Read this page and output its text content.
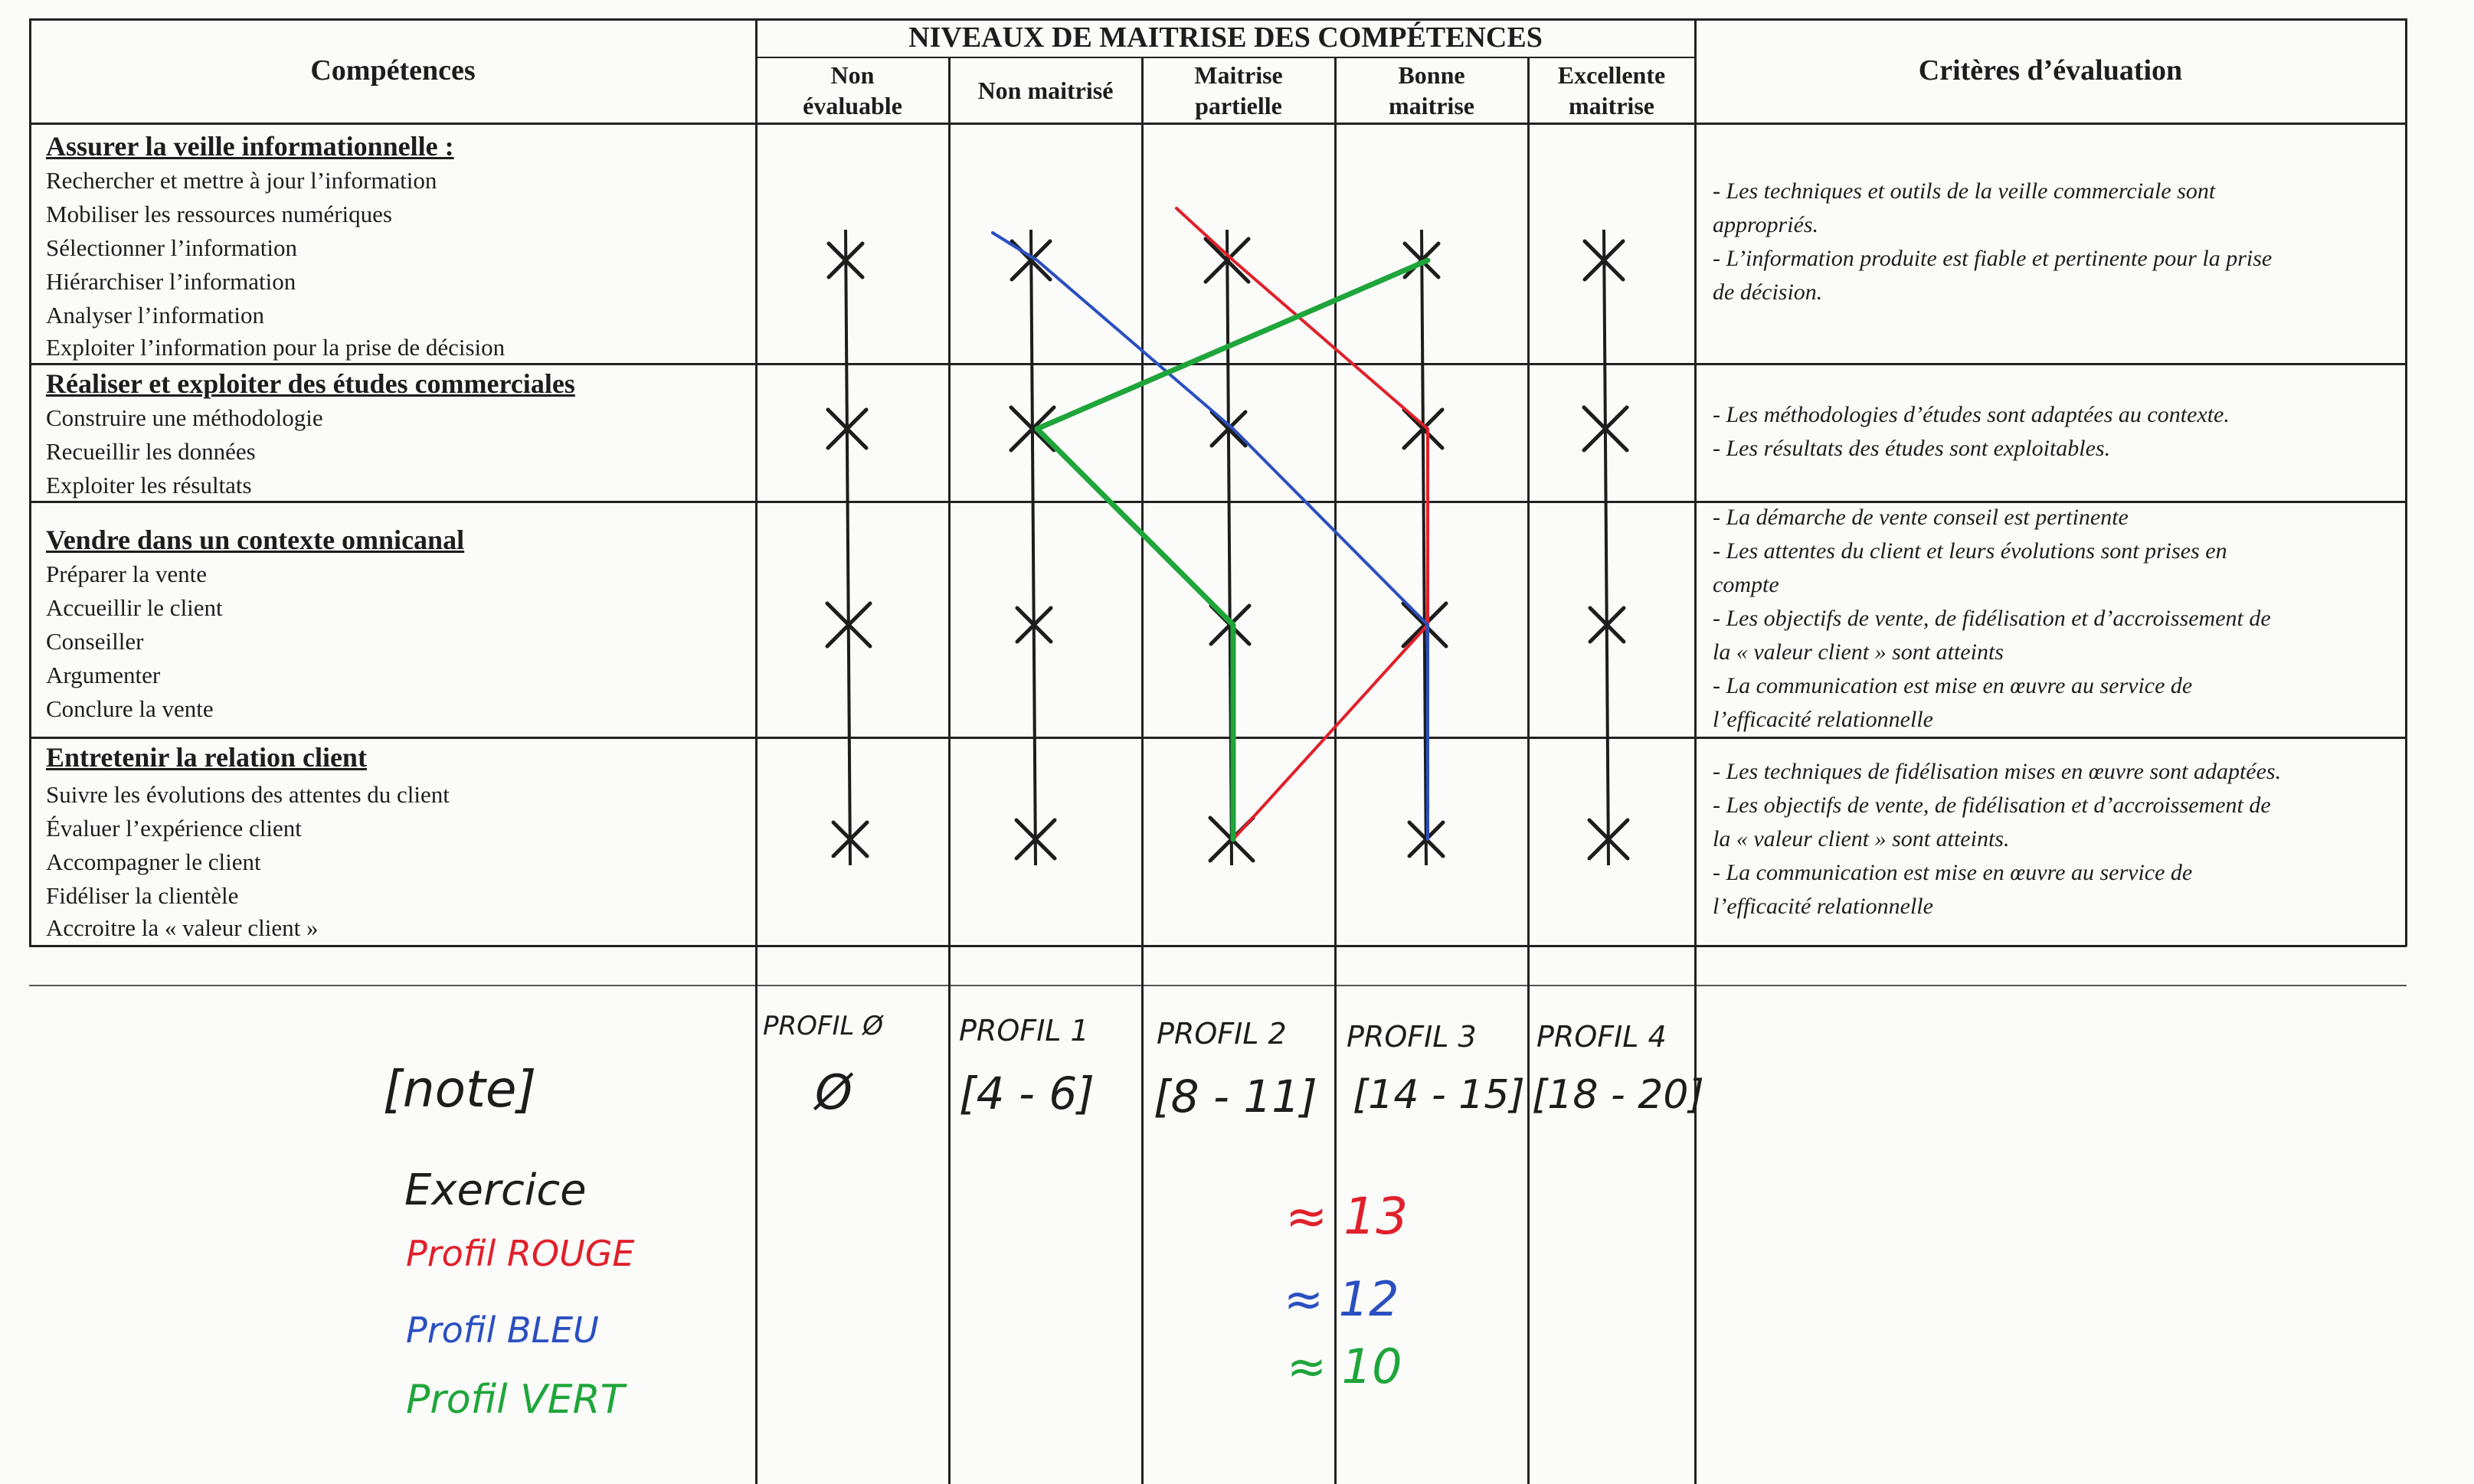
Compétences
NIVEAUX DE MAITRISE DES COMPÉTENCES
Critères d’évaluation
Non
évaluable
Non maitrisé
Maitrise
partielle
Bonne
maitrise
Excellente
maitrise
Assurer la veille informationnelle :
Rechercher et mettre à jour l’information
Mobiliser les ressources numériques
Sélectionner l’information
Hiérarchiser l’information
Analyser l’information
Exploiter l’information pour la prise de décision
- Les techniques et outils de la veille commerciale sont
appropriés.
- L’information produite est fiable et pertinente pour la prise
de décision.
Réaliser et exploiter des études commerciales
Construire une méthodologie
Recueillir les données
Exploiter les résultats
- Les méthodologies d’études sont adaptées au contexte.
- Les résultats des études sont exploitables.
Vendre dans un contexte omnicanal
Préparer la vente
Accueillir le client
Conseiller
Argumenter
Conclure la vente
- La démarche de vente conseil est pertinente
- Les attentes du client et leurs évolutions sont prises en
compte
- Les objectifs de vente, de fidélisation et d’accroissement de
la « valeur client » sont atteints
- La communication est mise en œuvre au service de
l’efficacité relationnelle
Entretenir la relation client
Suivre les évolutions des attentes du client
Évaluer l’expérience client
Accompagner le client
Fidéliser la clientèle
Accroitre la « valeur client »
- Les techniques de fidélisation mises en œuvre sont adaptées.
- Les objectifs de vente, de fidélisation et d’accroissement de
la « valeur client » sont atteints.
- La communication est mise en œuvre au service de
l’efficacité relationnelle
PROFIL Ø	PROFIL 1 PROFIL 2 PROFIL 3 PROFIL 4
Ø [4 - 6] [8 - 11] [14 - 15] [18 - 20]
[note]
Exercice
Profil ROUGE
Profil BLEU
Profil VERT
≈ 13
≈ 12
≈ 10
